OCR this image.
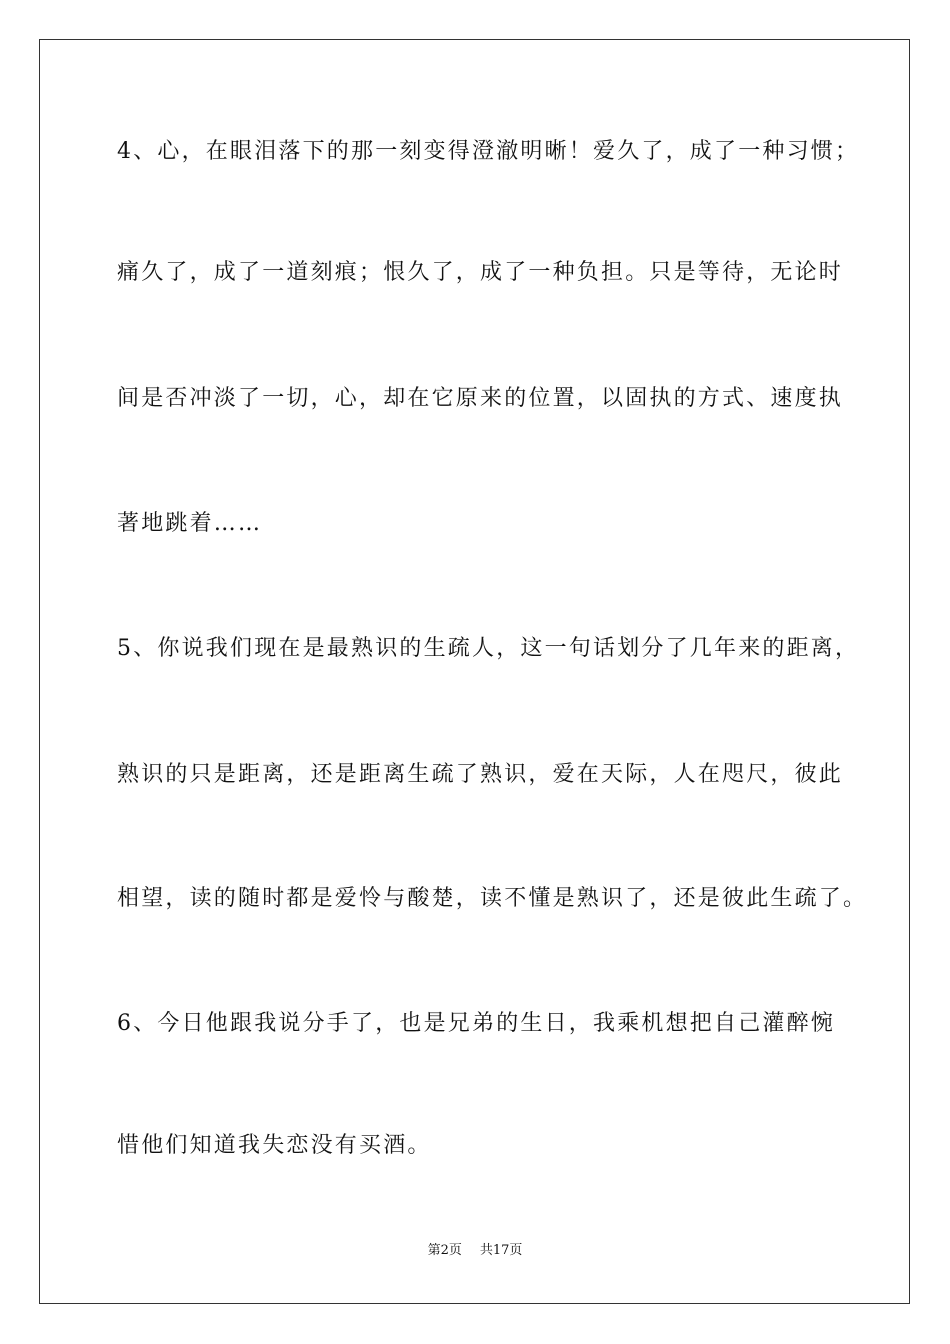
4、心，在眼泪落下的那一刻变得澄澈明晰！爱久了，成了一种习惯；
痛久了，成了一道刻痕；恨久了，成了一种负担。只是等待，无论时
间是否冲淡了一切，心，却在它原来的位置，以固执的方式、速度执
著地跳着……
5、你说我们现在是最熟识的生疏人，这一句话划分了几年来的距离，
熟识的只是距离，还是距离生疏了熟识，爱在天际，人在咫尺，彼此
相望，读的随时都是爱怜与酸楚，读不懂是熟识了，还是彼此生疏了。
6、今日他跟我说分手了，也是兄弟的生日，我乘机想把自己灌醉惋
惜他们知道我失恋没有买酒。
第2页 共17页
